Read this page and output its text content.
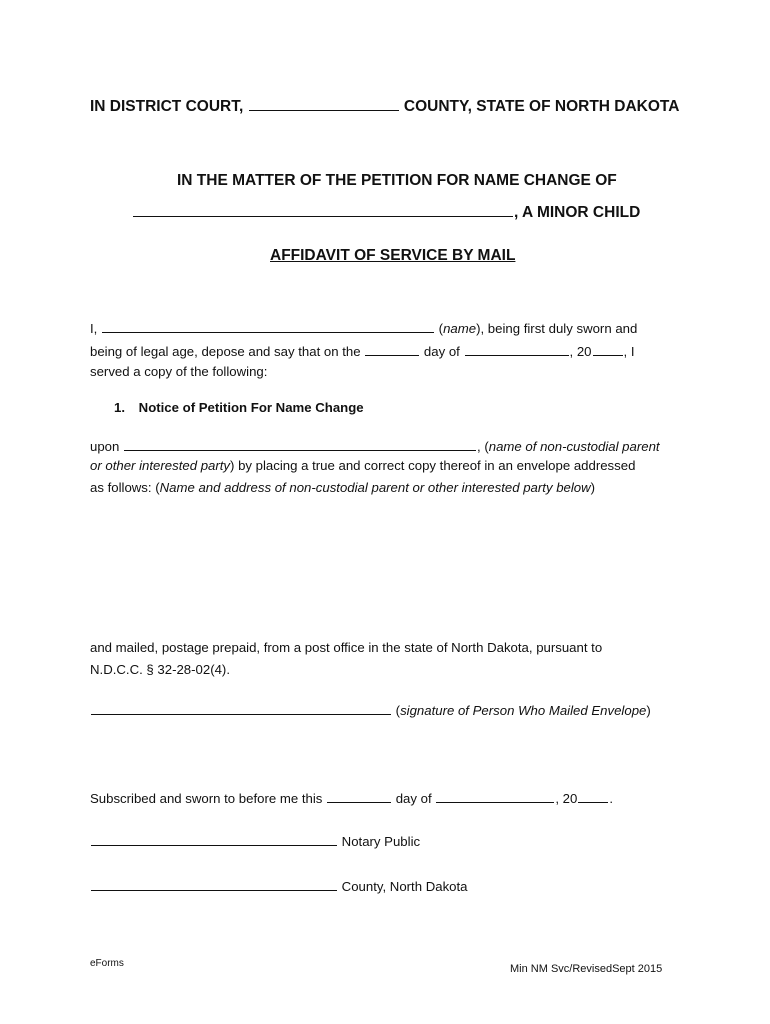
IN DISTRICT COURT,	COUNTY, STATE OF NORTH DAKOTA
IN THE MATTER OF THE PETITION FOR NAME CHANGE OF
, A MINOR CHILD
AFFIDAVIT OF SERVICE BY MAIL
I,	(name), being first duly sworn and
being of legal age, depose and say that on the	day of	, 20 , I
served a copy of the following:
1. Notice of Petition For Name Change
upon	, (name of non-custodial parent
or other interested party) by placing a true and correct copy thereof in an envelope addressed
as follows: (Name and address of non-custodial parent or other interested party below)
and mailed, postage prepaid, from a post office in the state of North Dakota, pursuant to
N.D.C.C. § 32-28-02(4).
(signature of Person Who Mailed Envelope)
Subscribed and sworn to before me this	day of	, 20 .
Notary Public
County, North Dakota
eForms	Min NM Svc/RevisedSept 2015
